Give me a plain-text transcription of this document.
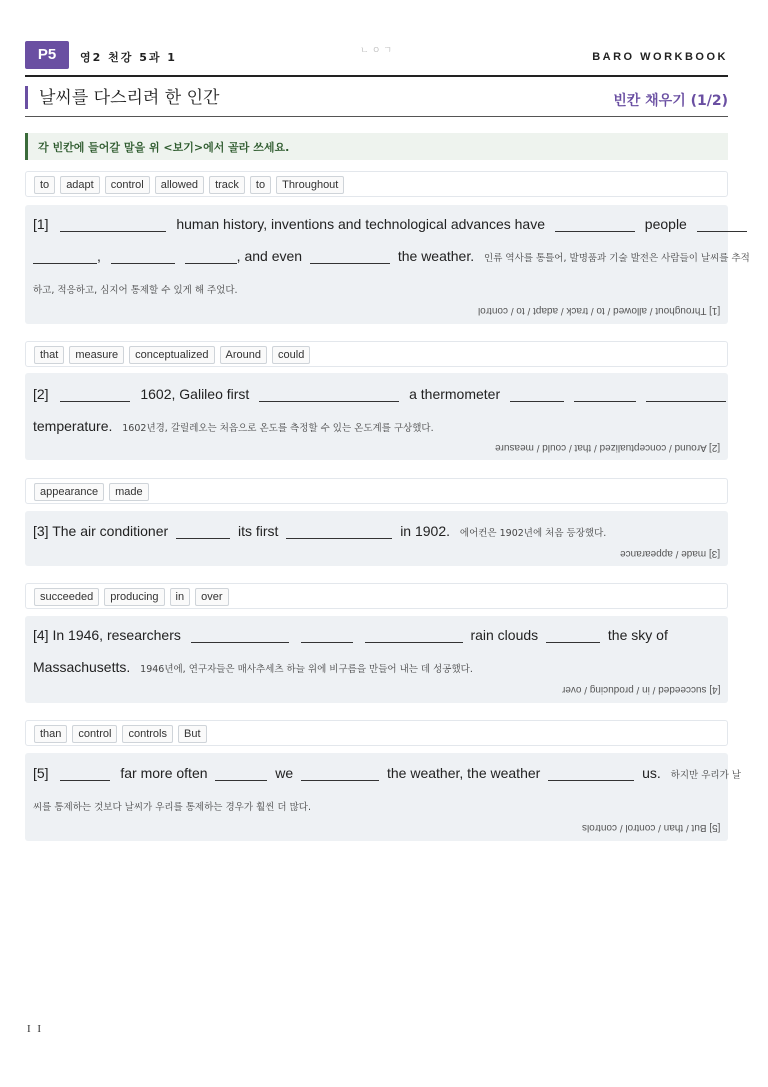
P5	영2 천강 5과 1	ㄴㅇㄱ	BARO WORKBOOK
날씨를 다스리려 한 인간	빈칸 채우기 (1/2)
각 빈칸에 들어갈 말을 위 <보기>에서 골라 쓰세요.
to	adapt	control	allowed	track	to	Throughout
[1]	human history, inventions and technological advances have	people
,	, and even	the weather. 인류 역사를 통틀어, 발명품과 기술 발전은 사람들이 날씨를 추적
하고, 적응하고, 심지어 통제할 수 있게 해 주었다.
[1] Throughout / allowed / to / track / adapt / to / control
that	measure	conceptualized	Around	could
[2]	1602, Galileo first	a thermometer
temperature. 1602년경, 갈릴레오는 처음으로 온도를 측정할 수 있는 온도계를 구상했다.
[2] Around / conceptualized / that / could / measure
appearance	made
[3] The air conditioner	its first	in 1902. 에어컨은 1902년에 처음 등장했다.
[3] made / appearance
succeeded	producing	in	over
[4] In 1946, researchers	rain clouds	the sky of
Massachusetts. 1946년에, 연구자들은 매사추세츠 하늘 위에 비구름을 만들어 내는 데 성공했다.
[4] succeeded / in / producing / over
than	control	controls	But
[5]	far more often	we	the weather, the weather	us. 하지만 우리가 날
씨를 통제하는 것보다 날씨가 우리를 통제하는 경우가 훨씬 더 많다.
[5] But / than / control / controls
I I
